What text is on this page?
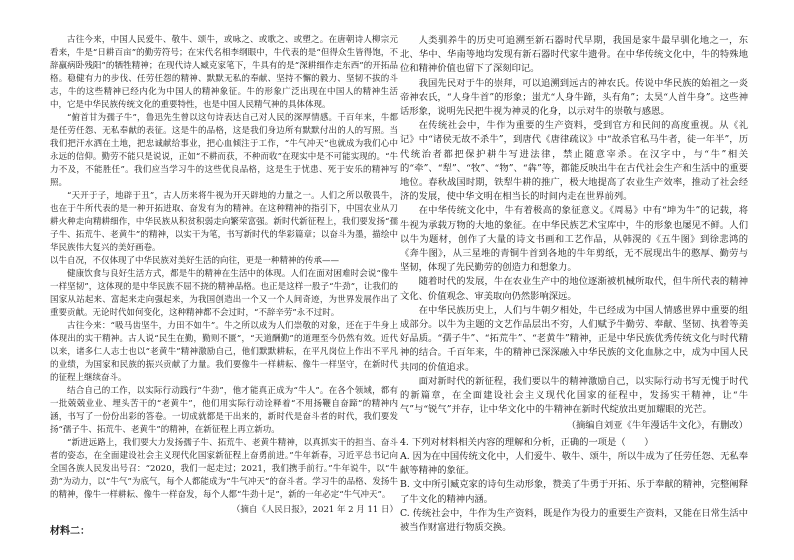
古往今来，中国人民爱牛、敬牛、颂牛，或咏之、或歌之、或塑之。在唐朝诗人柳宗元看来，牛是“日耕百亩”的勤劳符号；在宋代名相李纲眼中，牛代表的是“但得众生皆得饱，不辞羸病卧残阳”的牺牲精神；在现代诗人臧克家笔下，牛具有的是“深耕细作走东西”的开拓品格。稳健有力的步伐、任劳任怨的精神、默默无私的奉献、坚持不懈的毅力、坚韧不拔的斗志，牛的这些精神已经内化为中国人的精神象征。牛的形象广泛出现在中国人的精神生活中，它是中华民族传统文化的重要特性，也是中国人民精气神的具体体现。

“俯首甘为孺子牛”，鲁迅先生曾以这句诗表达自己对人民的深厚情感。千百年来，牛都是任劳任怨、无私奉献的表征。这是牛的品格，这是我们身边所有默默付出的人的写照。当我们把汗水洒在土地，把忠诚献给事业，把心血倾注于工作，“牛气冲天”也就成为我们心中永远的信仰。勤劳不能只是说说，正如“不耕而获，不种而收”在现实中是不可能实现的。“牛力不及，不能胜任”。我们应当学习牛的这些优良品格，这是生于忧患、死于安乐的精神写照。

“天开于子，地辟于丑”，古人历来将牛视为开天辟地的力量之一。人们之所以敬畏牛，也在于牛所代表的是一种开拓进取、奋发有为的精神。在这种精神的指引下，中国农业从刀耕火种走向精耕细作，中华民族从积贫积弱走向繁荣富强。新时代新征程上，我们要发扬“孺子牛、拓荒牛、老黄牛”的精神，以实干为笔，书写新时代的华彩篇章；以奋斗为墨，描绘中华民族伟大复兴的美好画卷。

以牛自况，不仅体现了中华民族对美好生活的向往，更是一种精神的传承——

健康饮食与良好生活方式，都是牛的精神在生活中的体现。人们在面对困难时会说“像牛一样坚韧”，这体现的是中华民族不屈不挠的精神品格。也正是这样一股子“牛劲”，让我们的国家从站起来、富起来走向强起来，为我国创造出一个又一个人间奇迹，为世界发展作出了重要贡献。无论时代如何变化，这种精神都不会过时，“不辞辛劳”永不过时。

古往今来：“吸马齿坚牛，力田不如牛”。牛之所以成为人们崇敬的对象，还在于牛身上体现出的实干精神。古人说“民生在勤，勤则不匮”，“天道酬勤”的道理至今仍然有效。近代以来，诸多仁人志士也以“老黄牛”精神激励自己，他们默默耕耘，在平凡岗位上作出不平凡的业绩，为国家和民族的振兴贡献了力量。我们要像牛一样耕耘、像牛一样坚守，在新时代的征程上继续奋斗。

结合自己的工作，以实际行动践行“牛劲”，他才能真正成为“牛人”。在各个领域，都有一批兢兢业业、埋头苦干的“老黄牛”，他们用实际行动诠释着“不用扬鞭自奋蹄”的精神内涵，书写了一份份出彩的答卷。一切成就都是干出来的，新时代是奋斗者的时代，我们要发扬“孺子牛、拓荒牛、老黄牛”的精神，在新征程上再立新功。

“新进远路上，我们要大力发扬孺子牛、拓荒牛、老黄牛精神，以真抓实干的担当、奋斗者的姿态，在全面建设社会主义现代化国家新征程上奋勇前进。”牛年新春，习近平总书记向全国各族人民发出号召：“2020，我们一起走过；2021，我们携手前行。”牛年说牛，以“牛劲”为动力，以“牛气”为底气，每个人都能成为“牛气冲天”的奋斗者。学习牛的品格、发扬牛的精神，像牛一样耕耘、像牛一样奋发，每个人都“牛劲十足”，新的一年必定“牛气冲天”。

（摘自《人民日报》，2021 年 2 月 11 日）

材料二：

人类驯养牛的历史可追溯至新石器时代早期，我国是家牛最早驯化地之一，东北、华中、华南等地均发现有新石器时代家牛遗骨。在中华传统文化中，牛的特殊地位和精神价值也留下了深刻印记。

我国先民对于牛的崇拜，可以追溯到远古的神农氏。传说中华民族的始祖之一炎帝神农氏，“人身牛首”的形象；蚩尤“人身牛蹄，头有角”；太昊“人首牛身”。这些神话形象，说明先民把牛视为神灵的化身，以示对牛的崇敬与感恩。

在传统社会中，牛作为重要的生产资料，受到官方和民间的高度重视。从《礼记》中“诸侯无故不杀牛”，到唐代《唐律疏议》中“故杀官私马牛者，徒一年半”，历代统治者都把保护耕牛写进法律，禁止随意宰杀。在汉字中，与“牛”相关的“牵”、“犁”、“牧”、“物”、“犇”等，都能反映出牛在古代社会生产和生活中的重要地位。春秋战国时期，铁犁牛耕的推广，极大地提高了农业生产效率，推动了社会经济的发展，使中华文明在相当长的时间内走在世界前列。

在中华传统文化中，牛有着极高的象征意义。《周易》中有“坤为牛”的记载，将牛视为承载万物的大地的象征。在中华民族艺术宝库中，牛的形象也屡见不鲜。人们以牛为题材，创作了大量的诗文书画和工艺作品，从韩滉的《五牛图》到徐悲鸿的《奔牛图》，从三星堆的青铜牛首到各地的牛年剪纸，无不展现出牛的憨厚、勤劳与坚韧，体现了先民勤劳的创造力和想象力。

随着时代的发展，牛在农业生产中的地位逐渐被机械所取代，但牛所代表的精神文化、价值观念、审美取向仍然影响深远。

在中华民族历史上，人们与牛朝夕相处，牛已经成为中国人情感世界中重要的组成部分。以牛为主题的文艺作品层出不穷，人们赋予牛勤劳、奉献、坚韧、执着等美好品质。“孺子牛”、“拓荒牛”、“老黄牛”精神，正是中华民族优秀传统文化与时代精神的结合。千百年来，牛的精神已深深融入中华民族的文化血脉之中，成为中国人民共同的价值追求。

面对新时代的新征程，我们要以牛的精神激励自己，以实际行动书写无愧于时代的新篇章，在全面建设社会主义现代化国家的征程中，发扬实干精神，让“牛气”与“锐气”并存，让中华文化中的牛精神在新时代绽放出更加耀眼的光芒。

（摘编自刘亚《牛年漫话牛文化》，有删改）

4. 下列对材料相关内容的理解和分析，正确的一项是（　　）

A. 因为在中国传统文化中，人们爱牛、敬牛、颂牛，所以牛成为了任劳任怨、无私奉献等精神的象征。

B. 文中所引臧克家的诗句生动形象，赞美了牛勇于开拓、乐于奉献的精神，完整阐释了牛文化的精神内涵。

C. 传统社会中，牛作为生产资料，既是作为役力的重要生产资料，又能在日常生活中被当作财富进行物质交换。
